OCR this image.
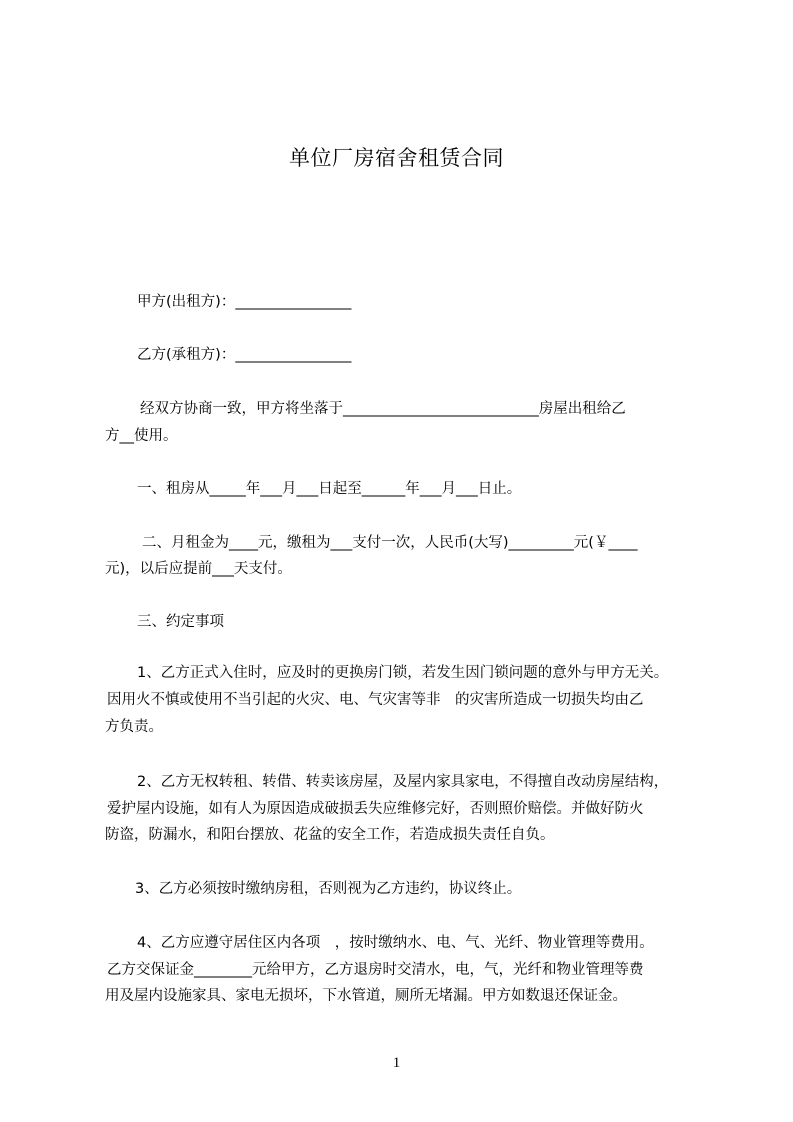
单位厂房宿舍租赁合同
甲方(出租方)：________________
乙方(承租方)：________________
经双方协商一致，甲方将坐落于___________________________房屋出租给乙
方__使用。
一、租房从_____年___月___日起至______年___月___日止。
二、月租金为____元，缴租为___支付一次，人民币(大写)_________元(￥____
元)，以后应提前___天支付。
三、约定事项
1、乙方正式入住时，应及时的更换房门锁，若发生因门锁问题的意外与甲方无关。
因用火不慎或使用不当引起的火灾、电、气灾害等非　的灾害所造成一切损失均由乙
方负责。
2、乙方无权转租、转借、转卖该房屋，及屋内家具家电，不得擅自改动房屋结构，
爱护屋内设施，如有人为原因造成破损丢失应维修完好，否则照价赔偿。并做好防火
防盗，防漏水，和阳台摆放、花盆的安全工作，若造成损失责任自负。
3、乙方必须按时缴纳房租，否则视为乙方违约，协议终止。
4、乙方应遵守居住区内各项　，按时缴纳水、电、气、光纤、物业管理等费用。
乙方交保证金________元给甲方，乙方退房时交清水，电，气，光纤和物业管理等费
用及屋内设施家具、家电无损坏，下水管道，厕所无堵漏。甲方如数退还保证金。
1
